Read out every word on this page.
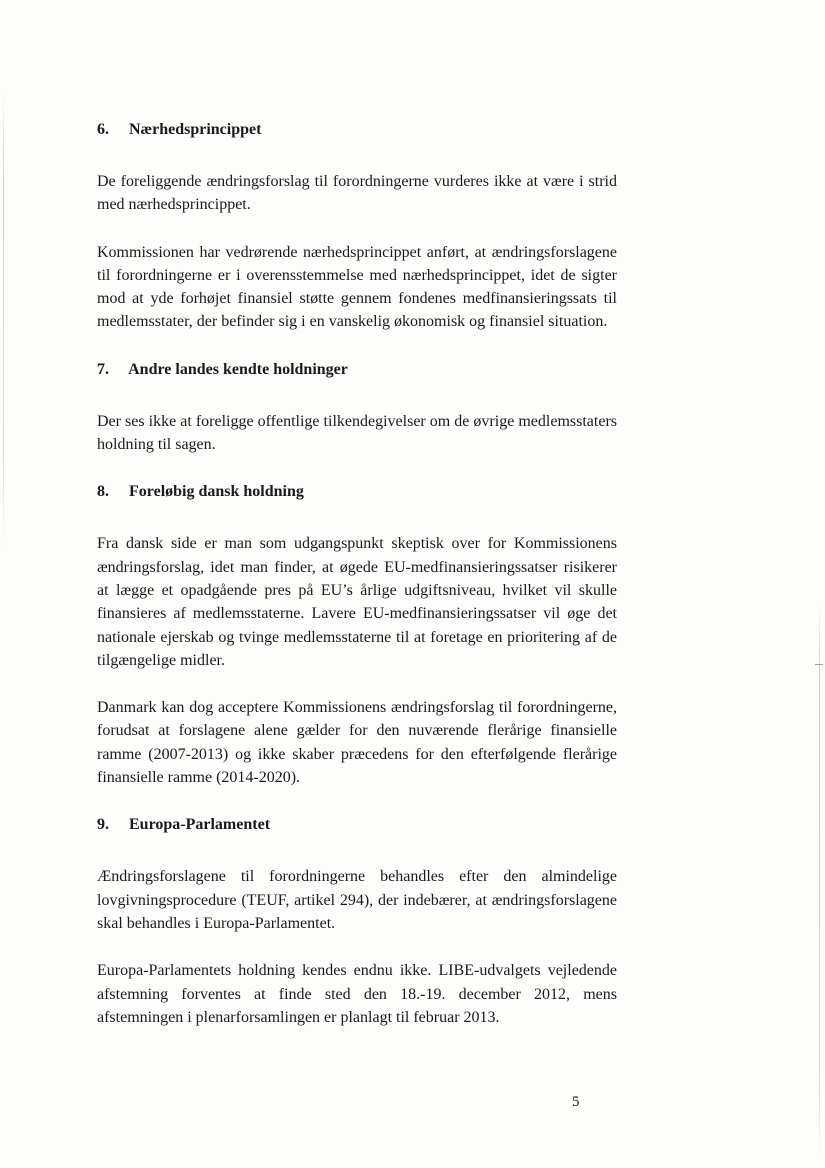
6. Nærhedsprincippet

De foreliggende ændringsforslag til forordningerne vurderes ikke at være i strid med nærhedsprincippet.

Kommissionen har vedrørende nærhedsprincippet anført, at ændringsforslagene til forordningerne er i overensstemmelse med nærhedsprincippet, idet de sigter mod at yde forhøjet finansiel støtte gennem fondenes medfinansieringssats til medlemsstater, der befinder sig i en vanskelig økonomisk og finansiel situation.

7. Andre landes kendte holdninger

Der ses ikke at foreligge offentlige tilkendegivelser om de øvrige medlemsstaters holdning til sagen.

8. Foreløbig dansk holdning

Fra dansk side er man som udgangspunkt skeptisk over for Kommissionens ændringsforslag, idet man finder, at øgede EU-medfinansieringssatser risikerer at lægge et opadgående pres på EU’s årlige udgiftsniveau, hvilket vil skulle finansieres af medlemsstaterne. Lavere EU-medfinansieringssatser vil øge det nationale ejerskab og tvinge medlemsstaterne til at foretage en prioritering af de tilgængelige midler.

Danmark kan dog acceptere Kommissionens ændringsforslag til forordningerne, forudsat at forslagene alene gælder for den nuværende flerårige finansielle ramme (2007-2013) og ikke skaber præcedens for den efterfølgende flerårige finansielle ramme (2014-2020).

9. Europa-Parlamentet

Ændringsforslagene til forordningerne behandles efter den almindelige lovgivningsprocedure (TEUF, artikel 294), der indebærer, at ændringsforslagene skal behandles i Europa-Parlamentet.

Europa-Parlamentets holdning kendes endnu ikke. LIBE-udvalgets vejledende afstemning forventes at finde sted den 18.-19. december 2012, mens afstemningen i plenarforsamlingen er planlagt til februar 2013.

5
